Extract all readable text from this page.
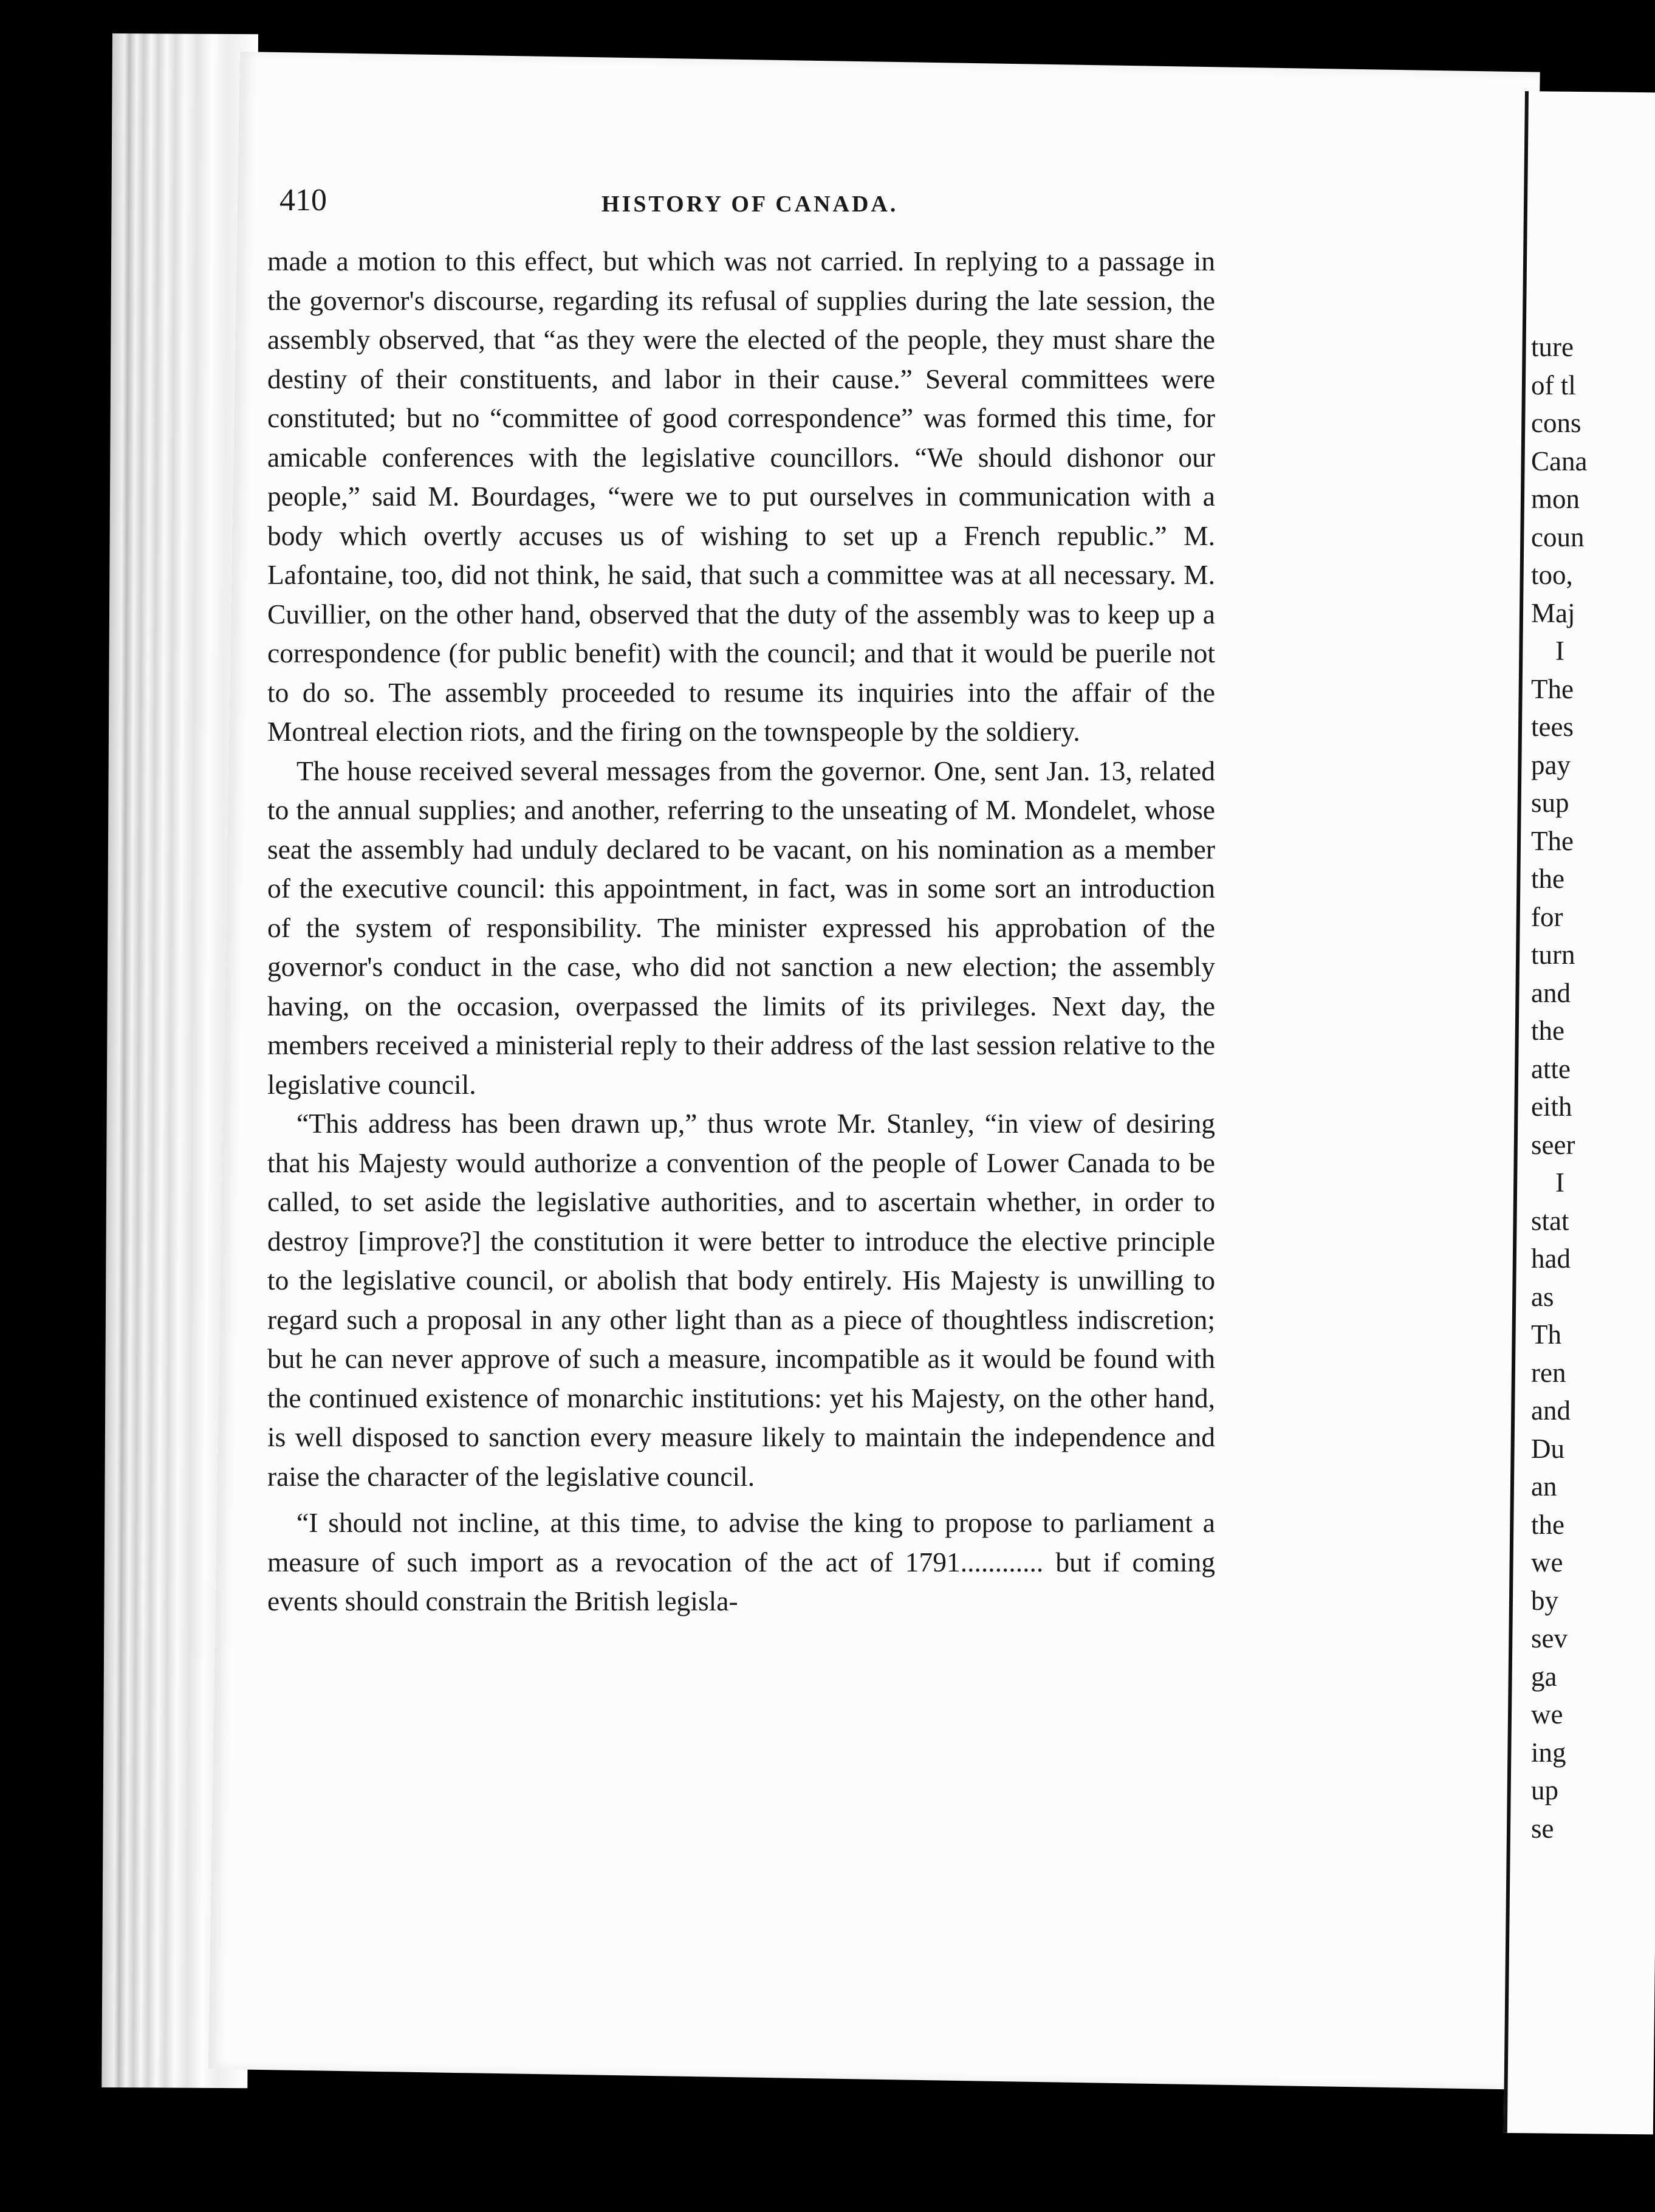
410	HISTORY OF CANADA.

made a motion to this effect, but which was not carried. In replying to a passage in the governor's discourse, regarding its refusal of supplies during the late session, the assembly observed, that “as they were the elected of the people, they must share the destiny of their constituents, and labor in their cause.” Several committees were constituted; but no “committee of good correspondence” was formed this time, for amicable conferences with the legislative councillors. “We should dishonor our people,” said M. Bourdages, “were we to put ourselves in communication with a body which overtly accuses us of wishing to set up a French republic.” M. Lafontaine, too, did not think, he said, that such a committee was at all necessary. M. Cuvillier, on the other hand, observed that the duty of the assembly was to keep up a correspondence (for public benefit) with the council; and that it would be puerile not to do so. The assembly proceeded to resume its inquiries into the affair of the Montreal election riots, and the firing on the townspeople by the soldiery.

The house received several messages from the governor. One, sent Jan. 13, related to the annual supplies; and another, referring to the unseating of M. Mondelet, whose seat the assembly had unduly declared to be vacant, on his nomination as a member of the executive council: this appointment, in fact, was in some sort an introduction of the system of responsibility. The minister expressed his approbation of the governor's conduct in the case, who did not sanction a new election; the assembly having, on the occasion, overpassed the limits of its privileges. Next day, the members received a ministerial reply to their address of the last session relative to the legislative council.

“This address has been drawn up,” thus wrote Mr. Stanley, “in view of desiring that his Majesty would authorize a convention of the people of Lower Canada to be called, to set aside the legislative authorities, and to ascertain whether, in order to destroy [improve?] the constitution it were better to introduce the elective principle to the legislative council, or abolish that body entirely. His Majesty is unwilling to regard such a proposal in any other light than as a piece of thoughtless indiscretion; but he can never approve of such a measure, incompatible as it would be found with the continued existence of monarchic institutions: yet his Majesty, on the other hand, is well disposed to sanction every measure likely to maintain the independence and raise the character of the legislative council.

“I should not incline, at this time, to advise the king to propose to parliament a measure of such import as a revocation of the act of 1791............ but if coming events should constrain the British legisla-

ture
of tl
cons
Cana
mon
coun
too,
Maj
I
The
tees
pay
sup
The
the
for
turn
and
the
atte
eith
seer
I
stat
had
as
Th
ren
and
Du
an
the
we
by
sev
ga
we
ing
up
se
